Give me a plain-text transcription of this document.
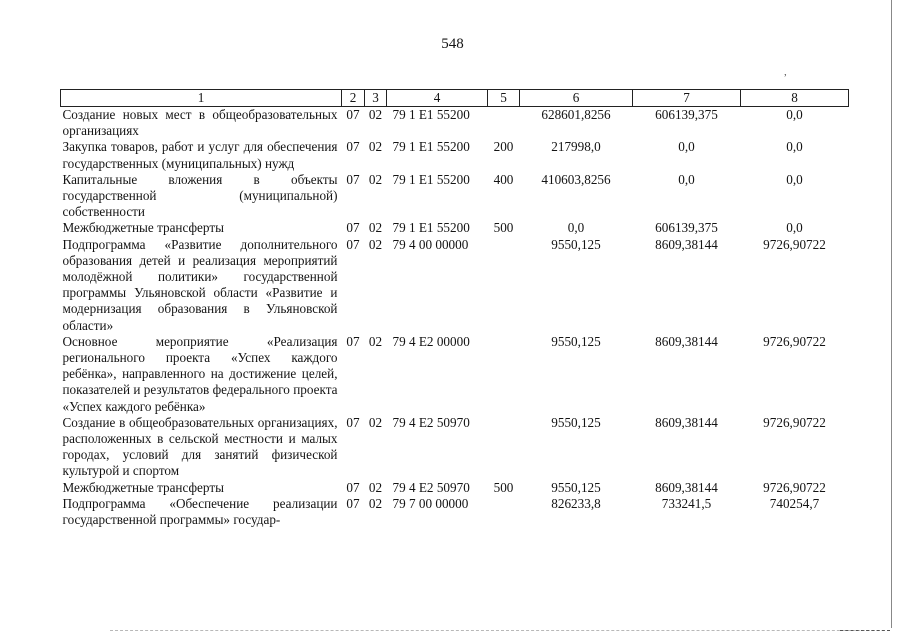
548
,
1	2	3	4	5	6	7	8
Создание новых мест в общеобразовательных организациях	07	02	79 1 E1 55200		628601,8256	606139,375	0,0
Закупка товаров, работ и услуг для обеспечения государственных (муниципальных) нужд	07	02	79 1 E1 55200	200	217998,0	0,0	0,0
Капитальные вложения в объекты государственной (муниципальной) собственности	07	02	79 1 E1 55200	400	410603,8256	0,0	0,0
Межбюджетные трансферты	07	02	79 1 E1 55200	500	0,0	606139,375	0,0
Подпрограмма «Развитие дополнительного образования детей и реализация мероприятий молодёжной политики» государственной программы Ульяновской области «Развитие и модернизация образования в Ульяновской области»	07	02	79 4 00 00000		9550,125	8609,38144	9726,90722
Основное мероприятие «Реализация регионального проекта «Успех каждого ребёнка», направленного на достижение целей, показателей и результатов федерального проекта «Успех каждого ребёнка»	07	02	79 4 E2 00000		9550,125	8609,38144	9726,90722
Создание в общеобразовательных организациях, расположенных в сельской местности и малых городах, условий для занятий физической культурой и спортом	07	02	79 4 E2 50970		9550,125	8609,38144	9726,90722
Межбюджетные трансферты	07	02	79 4 E2 50970	500	9550,125	8609,38144	9726,90722
Подпрограмма «Обеспечение реализации государственной программы» государ-	07	02	79 7 00 00000		826233,8	733241,5	740254,7
